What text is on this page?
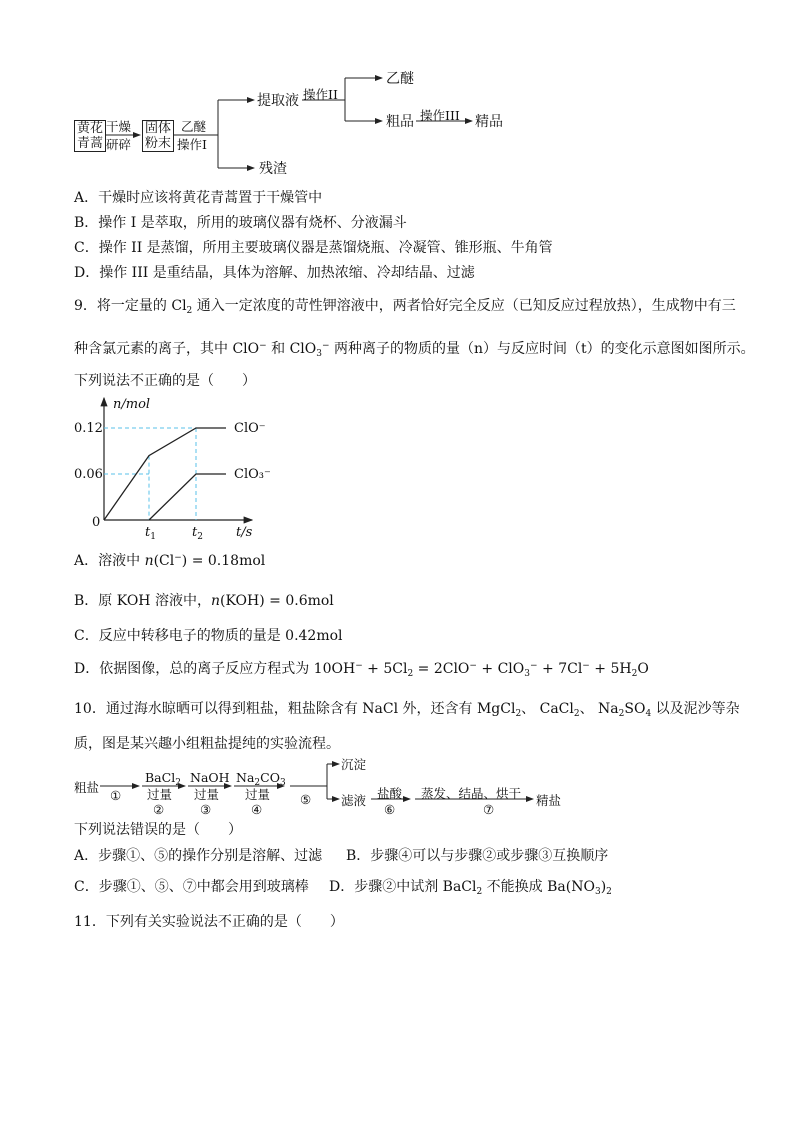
黄花
青蒿
干燥
研碎
固体
粉末
乙醚
操作I
提取液
残渣
操作II
乙醚
粗品 操作III 精品
A．干燥时应该将黄花青蒿置于干燥管中
B．操作 I 是萃取，所用的玻璃仪器有烧杯、分液漏斗
C．操作 II 是蒸馏，所用主要玻璃仪器是蒸馏烧瓶、冷凝管、锥形瓶、牛角管
D．操作 III 是重结晶，具体为溶解、加热浓缩、冷却结晶、过滤
9．将一定量的 $Cl_2$ 通入一定浓度的苛性钾溶液中，两者恰好完全反应（已知反应过程放热），生成物中有三
种含氯元素的离子，其中 ClO− 和 ClO$_3$− 两种离子的物质的量（n）与反应时间（t）的变化示意图如图所示。
下列说法不正确的是（　　）
0.06
0.12	ClO⁻
ClO₃⁻
n/mol
t/s
0
$t_1$	$t_2$
A．溶液中 n(Cl−) = 0.18mol
B．原 KOH 溶液中，n(KOH) = 0.6mol
C．反应中转移电子的物质的量是 0.42mol
D．依据图像，总的离子反应方程式为 $10OH^- + 5Cl_2 = 2ClO^- + ClO_3^- + 7Cl^- + 5H_2O$
10．通过海水晾晒可以得到粗盐，粗盐除含有 NaCl 外，还含有 MgCl$_2$、 CaCl$_2$、 $Na_2SO_4$ 以及泥沙等杂
质，图是某兴趣小组粗盐提纯的实验流程。
粗盐
①
BaCl$_2$
过量
②
NaOH
过量
③
$Na_2CO_3$
过量
④
⑤
沉淀
滤液 盐酸
⑥
蒸发、结晶、烘干
⑦
精盐
下列说法错误的是（　　）
A．步骤①、⑤的操作分别是溶解、过滤 B．步骤④可以与步骤②或步骤③互换顺序
C．步骤①、⑤、⑦中都会用到玻璃棒 D．步骤②中试剂 BaCl$_2$ 不能换成 $Ba(NO_3)_2$
11．下列有关实验说法不正确的是（　　）
